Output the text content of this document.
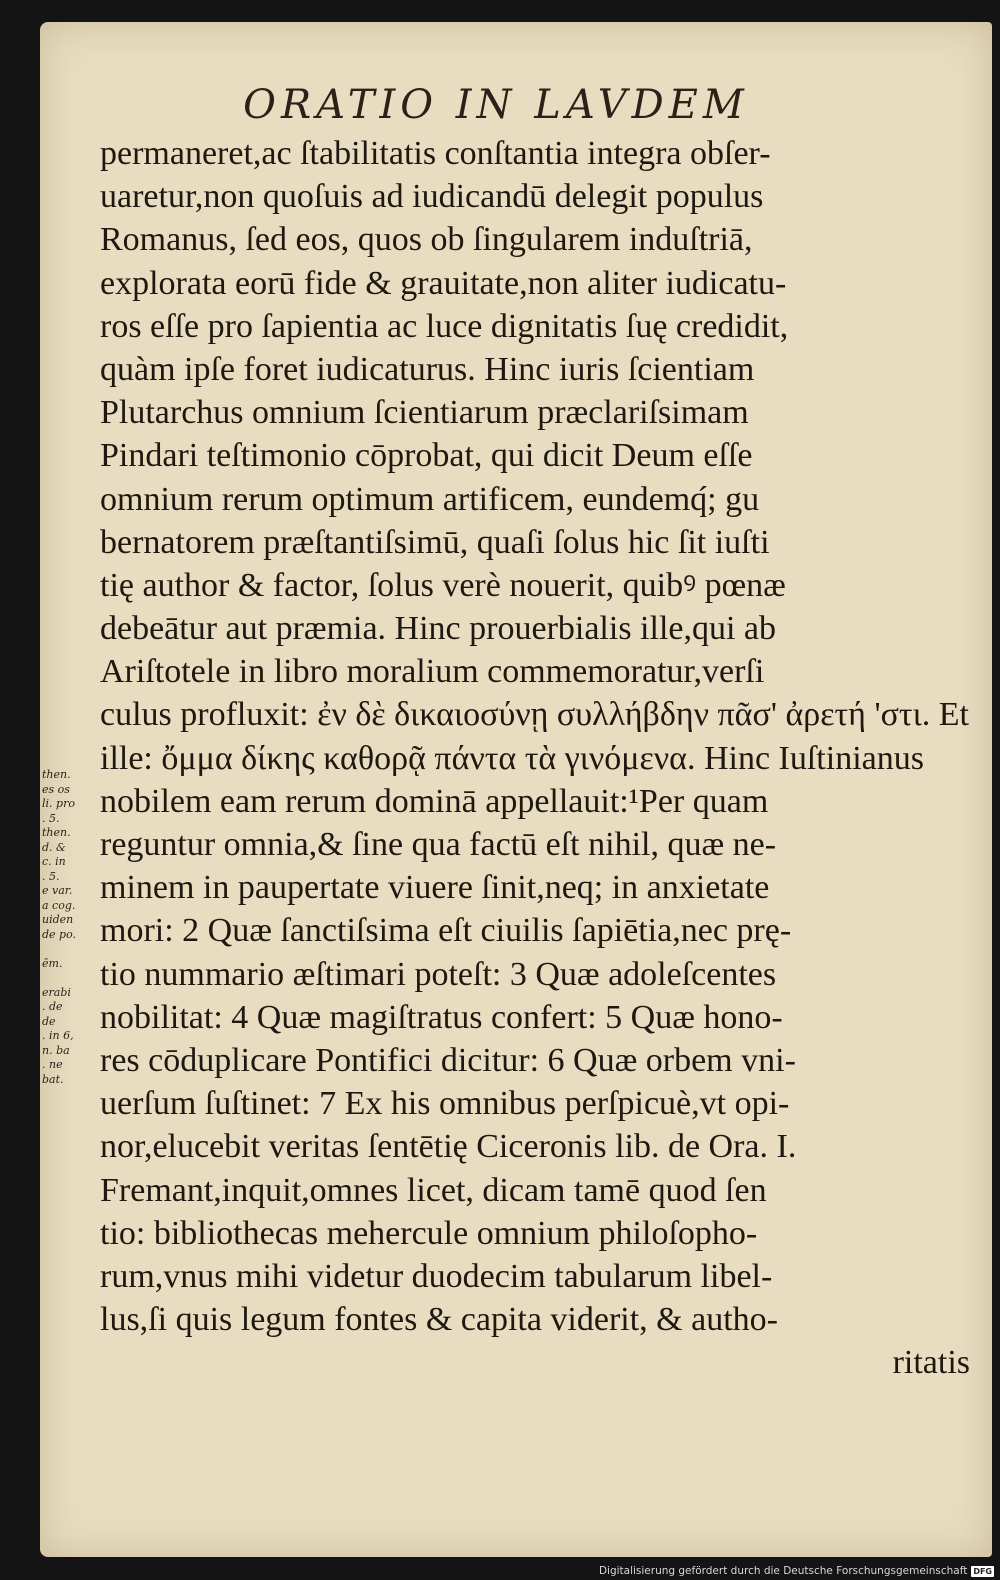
ORATIO IN LAVDEM
then.
es os
li. pro
. 5.
then.
d. &
c. in
. 5.
e var.
a cog.
uiden
de po.
ēm.
erabi
. de
de
. in 6,
n. ba
. ne
bat.
permaneret,ac ſtabilitatis conſtantia integra obſer-
uaretur,non quoſuis ad iudicandū delegit populus
Romanus, ſed eos, quos ob ſingularem induſtriā,
explorata eorū fide & grauitate,non aliter iudicatu-
ros eſſe pro ſapientia ac luce dignitatis ſuę credidit,
quàm ipſe foret iudicaturus. Hinc iuris ſcientiam
Plutarchus omnium ſcientiarum præclariſsimam
Pindari teſtimonio cōprobat, qui dicit Deum eſſe
omnium rerum optimum artificem, eundemq́; gu
bernatorem præſtantiſsimū, quaſi ſolus hic ſit iuſti
tię author & factor, ſolus verè nouerit, quibꝰ pœnæ
debeātur aut præmia. Hinc prouerbialis ille,qui ab
Ariſtotele in libro moralium commemoratur,verſi
culus profluxit: ἐν δὲ δικαιοσύνῃ συλλήβδην πᾶσ' ἀρετή 'στι. Et
ille: ὄμμα δίκης καθορᾷ πάντα τὰ γινόμενα. Hinc Iuſtinianus
nobilem eam rerum dominā appellauit:¹Per quam
reguntur omnia,& ſine qua factū eſt nihil, quæ ne-
minem in paupertate viuere ſinit,neq; in anxietate
mori: 2 Quæ ſanctiſsima eſt ciuilis ſapiētia,nec prę-
tio nummario æſtimari poteſt: 3 Quæ adoleſcentes
nobilitat: 4 Quæ magiſtratus confert: 5 Quæ hono-
res cōduplicare Pontifici dicitur: 6 Quæ orbem vni-
uerſum ſuſtinet: 7 Ex his omnibus perſpicuè,vt opi-
nor,elucebit veritas ſentētię Ciceronis lib. de Ora. I.
Fremant,inquit,omnes licet, dicam tamē quod ſen
tio: bibliothecas mehercule omnium philoſopho-
rum,vnus mihi videtur duodecim tabularum libel-
lus,ſi quis legum fontes & capita viderit, & autho-
ritatis
Digitalisierung gefördert durch die Deutsche Forschungsgemeinschaft DFG
